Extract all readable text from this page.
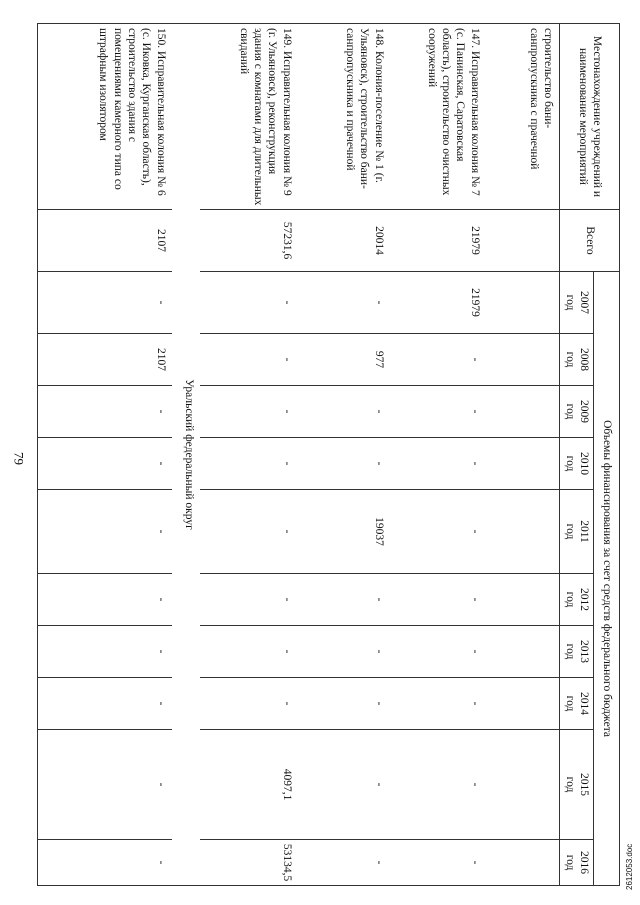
79
Местонахождение учреждений и наименование мероприятий	Всего	Объемы финансирования за счет средств федерального бюджета									
		2007
год	2008
год	2009
год	2010
год	2011
год	2012
год	2013
год	2014
год	2015
год	2016
год
строительство бани-санпропускника с прачечной											
147. Исправительная колония № 7 (с. Панинская, Саратовская область), строительство очистных сооружений	21979	21979	-	-	-	-	-	-	-	-	-
148. Колония-поселение № 1 (г. Ульяновск), строительство бани-санпропускника и прачечной	20014	-	977	-	-	19037	-	-	-	-	-
149. Исправительная колония № 9 (г. Ульяновск), реконструкция здания с комнатами для длительных свиданий	57231,6	-	-	-	-	-	-	-	-	4097,1	53134,5
Уральский федеральный округ											
150. Исправительная колония № 6 (с. Иковка, Курганская область), строительство здания с помещениями камерного типа со штрафным изолятором	2107	-	2107	-	-	-	-	-	-	-	-	2612053.doc
